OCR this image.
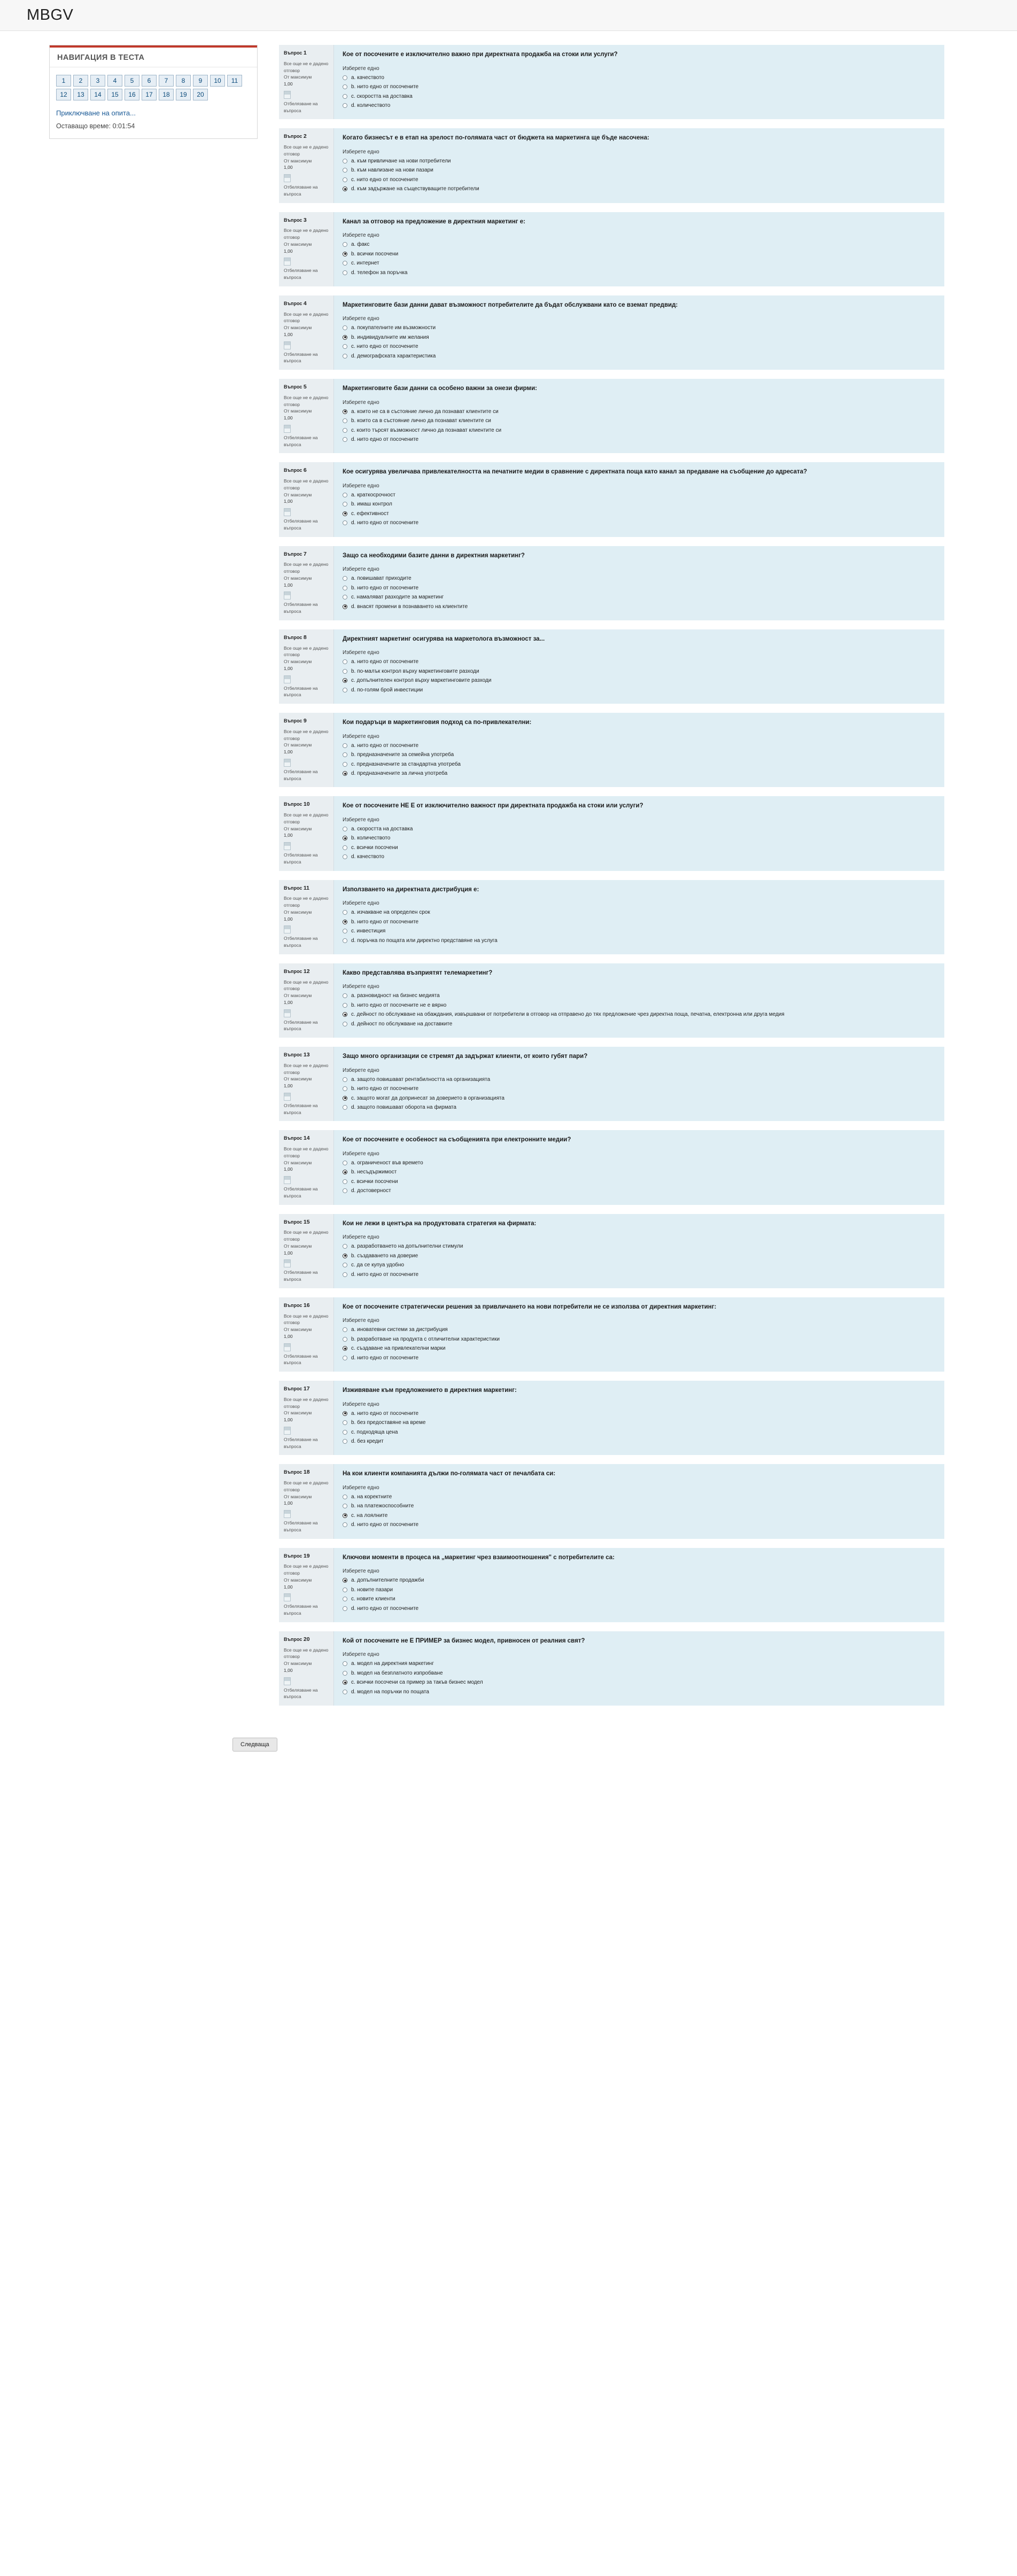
MBGV
НАВИГАЦИЯ В ТЕСТА
1	2	3	4	5	6	7	8	9	10	11
12	13	14	15	16	17	18	19	20
Приключване на опита...
Оставащо време: 0:01:54
Въпрос 1
Все още не е дадено отговор
От максимум
1,00
Отбелязване на въпроса
Кое от посочените е изключително важно при директната продажба на стоки или услуги?
Изберете едно
a. качеството
b. нито едно от посочените
c. скоростта на доставка
d. количеството
Въпрос 2
Все още не е дадено отговор
От максимум
1,00
Отбелязване на въпроса
Когато бизнесът е в етап на зрелост по-голямата част от бюджета на маркетинга ще бъде насочена:
Изберете едно
a. към привличане на нови потребители
b. към навлизане на нови пазари
c. нито едно от посочените
d. към задържане на съществуващите потребители
Въпрос 3
Все още не е дадено отговор
От максимум
1,00
Отбелязване на въпроса
Канал за отговор на предложение в директния маркетинг е:
Изберете едно
a. факс
b. всички посочени
c. интернет
d. телефон за поръчка
Въпрос 4
Все още не е дадено отговор
От максимум
1,00
Отбелязване на въпроса
Маркетинговите бази данни дават възможност потребителите да бъдат обслужвани като се вземат предвид:
Изберете едно
a. покупателните им възможности
b. индивидуалните им желания
c. нито едно от посочените
d. демографската характеристика
Въпрос 5
Все още не е дадено отговор
От максимум
1,00
Отбелязване на въпроса
Маркетинговите бази данни са особено важни за онези фирми:
Изберете едно
a. които не са в състояние лично да познават клиентите си
b. които са в състояние лично да познават клиентите си
c. които търсят възможност лично да познават клиентите си
d. нито едно от посочените
Въпрос 6
Все още не е дадено отговор
От максимум
1,00
Отбелязване на въпроса
Кое осигурява увеличава привлекателността на печатните медии в сравнение с директната поща като канал за предаване на съобщение до адресата?
Изберете едно
a. краткосрочност
b. имаш контрол
c. ефективност
d. нито едно от посочените
Въпрос 7
Все още не е дадено отговор
От максимум
1,00
Отбелязване на въпроса
Защо са необходими базите данни в директния маркетинг?
Изберете едно
a. повишават приходите
b. нито едно от посочените
c. намаляват разходите за маркетинг
d. внасят промени в познаването на клиентите
Въпрос 8
Все още не е дадено отговор
От максимум
1,00
Отбелязване на въпроса
Директният маркетинг осигурява на маркетолога възможност за...
Изберете едно
a. нито едно от посочените
b. по-малък контрол върху маркетинговите разходи
c. допълнителен контрол върху маркетинговите разходи
d. по-голям брой инвестиции
Въпрос 9
Все още не е дадено отговор
От максимум
1,00
Отбелязване на въпроса
Кои подаръци в маркетинговия подход са по-привлекателни:
Изберете едно
a. нито едно от посочените
b. предназначените за семейна употреба
c. предназначените за стандартна употреба
d. предназначените за лична употреба
Въпрос 10
Все още не е дадено отговор
От максимум
1,00
Отбелязване на въпроса
Кое от посочените НЕ Е от изключително важност при директната продажба на стоки или услуги?
Изберете едно
a. скоростта на доставка
b. количеството
c. всички посочени
d. качеството
Въпрос 11
Все още не е дадено отговор
От максимум
1,00
Отбелязване на въпроса
Използването на директната дистрибуция е:
Изберете едно
a. изчакване на определен срок
b. нито едно от посочените
c. инвестиция
d. поръчка по пощата или директно представяне на услуга
Въпрос 12
Все още не е дадено отговор
От максимум
1,00
Отбелязване на въпроса
Какво представлява възприятят телемаркетинг?
Изберете едно
a. разновидност на бизнес медията
b. нито едно от посочените не е вярно
c. дейност по обслужване на обаждания, извършвани от потребители в отговор на отправено до тях предложение чрез директна поща, печатна, електронна или друга медия
d. дейност по обслужване на доставките
Въпрос 13
Все още не е дадено отговор
От максимум
1,00
Отбелязване на въпроса
Защо много организации се стремят да задържат клиенти, от които губят пари?
Изберете едно
a. защото повишават рентабилността на организацията
b. нито едно от посочените
c. защото могат да допринесат за доверието в организацията
d. защото повишават оборота на фирмата
Въпрос 14
Все още не е дадено отговор
От максимум
1,00
Отбелязване на въпроса
Кое от посочените е особеност на съобщенията при електронните медии?
Изберете едно
a. ограниченост във времето
b. несъдържимост
c. всички посочени
d. достоверност
Въпрос 15
Все още не е дадено отговор
От максимум
1,00
Отбелязване на въпроса
Кои не лежи в центъра на продуктовата стратегия на фирмата:
Изберете едно
a. разработването на допълнителни стимули
b. създаването на доверие
c. да се купуа удобно
d. нито едно от посочените
Въпрос 16
Все още не е дадено отговор
От максимум
1,00
Отбелязване на въпроса
Кое от посочените стратегически решения за привличането на нови потребители не се използва от директния маркетинг:
Изберете едно
a. иноватевни системи за дистрибуция
b. разработване на продукта с отличителни характеристики
c. създаване на привлекателни марки
d. нито едно от посочените
Въпрос 17
Все още не е дадено отговор
От максимум
1,00
Отбелязване на въпроса
Изживяване към предложението в директния маркетинг:
Изберете едно
a. нито едно от посочените
b. без предоставяне на време
c. подходяща цена
d. без кредит
Въпрос 18
Все още не е дадено отговор
От максимум
1,00
Отбелязване на въпроса
На кои клиенти компанията дължи по-голямата част от печалбата си:
Изберете едно
a. на коректните
b. на платежоспособните
c. на лоялните
d. нито едно от посочените
Въпрос 19
Все още не е дадено отговор
От максимум
1,00
Отбелязване на въпроса
Ключови моменти в процеса на „маркетинг чрез взаимоотношения" с потребителите са:
Изберете едно
a. допълнителните продажби
b. новите пазари
c. новите клиенти
d. нито едно от посочените
Въпрос 20
Все още не е дадено отговор
От максимум
1,00
Отбелязване на въпроса
Кой от посочените не Е ПРИМЕР за бизнес модел, привносен от реалния свят?
Изберете едно
a. модел на директния маркетинг
b. модел на безплатното изпробване
c. всички посочени са пример за такъв бизнес модел
d. модел на поръчки по пощата
Следваща
